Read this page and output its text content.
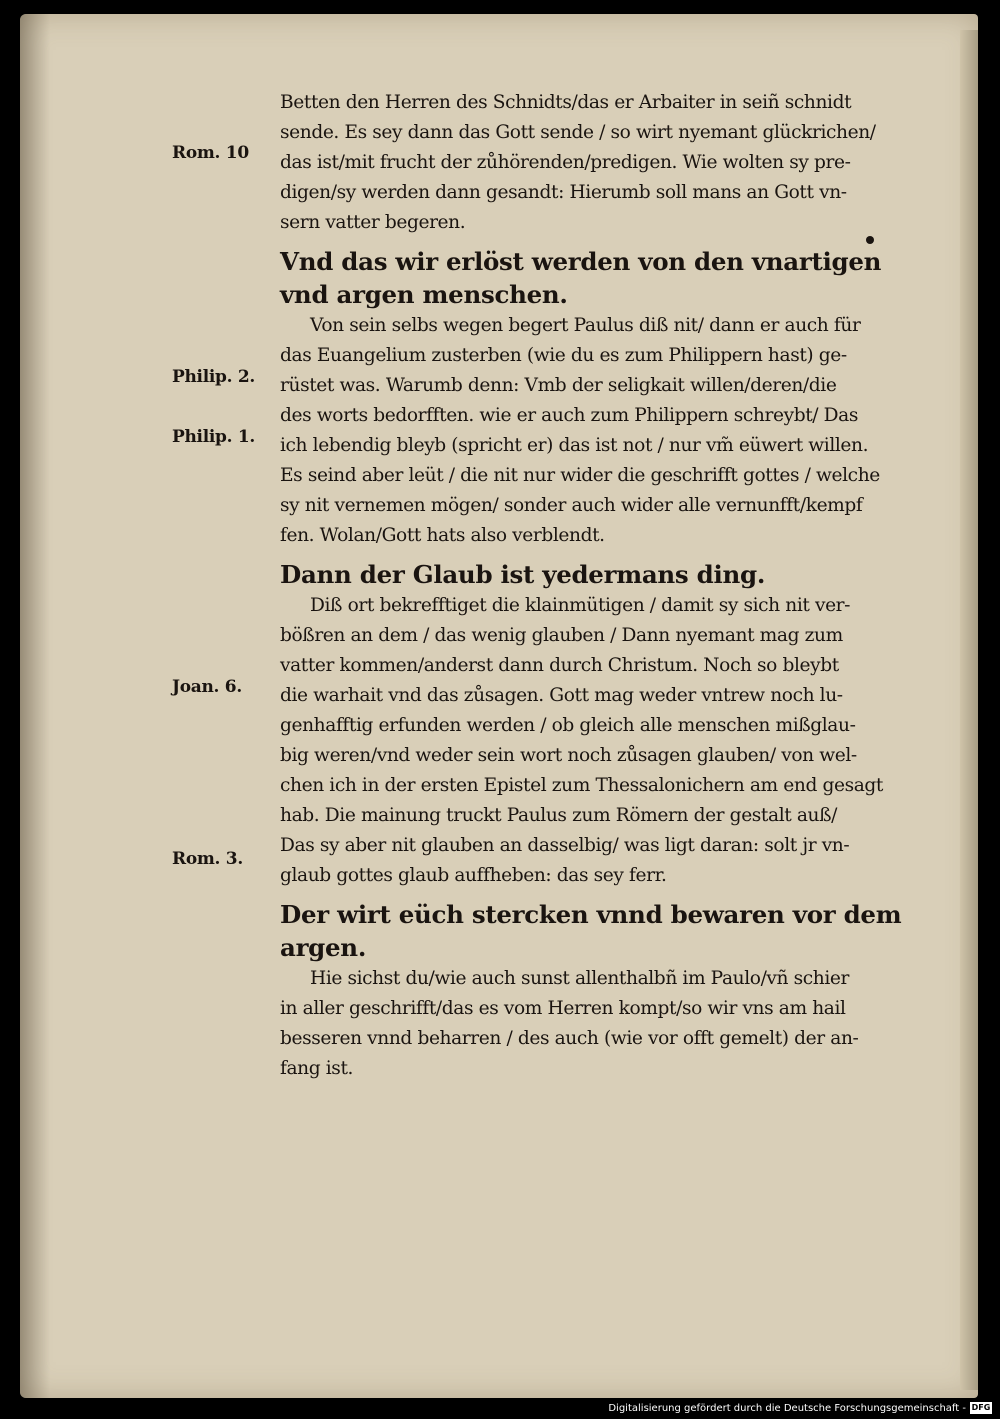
Betten den Herren des Schnidts/das er Arbaiter in seiñ schnidt
sende. Es sey dann das Gott sende / so wirt nyemant glückrichen/
das ist/mit frucht der zůhörenden/predigen. Wie wolten sy pre-
digen/sy werden dann gesandt: Hierumb soll mans an Gott vn-
sern vatter begeren.
Vnd das wir erlöst werden von den vnartigen
vnd argen menschen.
Von sein selbs wegen begert Paulus diß nit/ dann er auch für
das Euangelium zusterben (wie du es zum Philippern hast) ge-
rüstet was. Warumb denn: Vmb der seligkait willen/deren/die
des worts bedorfften. wie er auch zum Philippern schreybt/ Das
ich lebendig bleyb (spricht er) das ist not / nur vm̃ eüwert willen.
Es seind aber leüt / die nit nur wider die geschrifft gottes / welche
sy nit vernemen mögen/ sonder auch wider alle vernunfft/kempf
fen. Wolan/Gott hats also verblendt.
Dann der Glaub ist yedermans ding.
Diß ort bekrefftiget die klainmütigen / damit sy sich nit ver-
bößren an dem / das wenig glauben / Dann nyemant mag zum
vatter kommen/anderst dann durch Christum. Noch so bleybt
die warhait vnd das zůsagen. Gott mag weder vntrew noch lu-
genhafftig erfunden werden / ob gleich alle menschen mißglau-
big weren/vnd weder sein wort noch zůsagen glauben/ von wel-
chen ich in der ersten Epistel zum Thessalonichern am end gesagt
hab. Die mainung truckt Paulus zum Römern der gestalt auß/
Das sy aber nit glauben an dasselbig/ was ligt daran: solt jr vn-
glaub gottes glaub auffheben: das sey ferr.
Der wirt eüch stercken vnnd bewaren vor dem
argen.
Hie sichst du/wie auch sunst allenthalbñ im Paulo/vñ schier
in aller geschrifft/das es vom Herren kompt/so wir vns am hail
besseren vnnd beharren / des auch (wie vor offt gemelt) der an-
fang ist.
Rom. 10
Philip. 2.
Philip. 1.
Joan. 6.
Rom. 3.
Digitalisierung gefördert durch die Deutsche Forschungsgemeinschaft - DFG
